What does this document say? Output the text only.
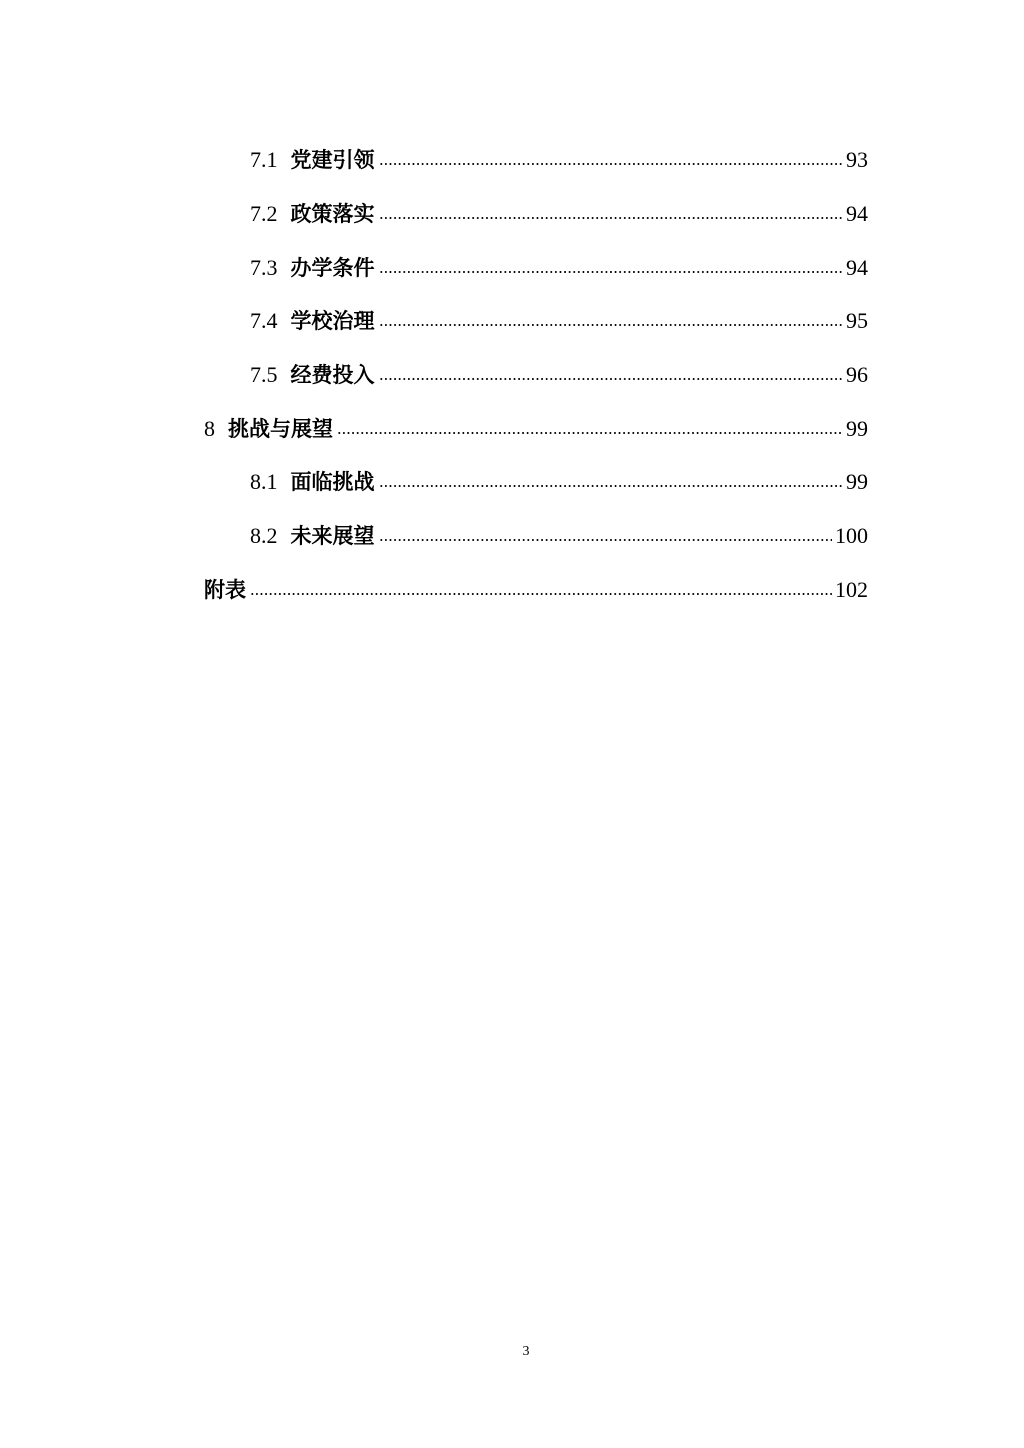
7.1 党建引领	93
7.2 政策落实	94
7.3 办学条件	94
7.4 学校治理	95
7.5 经费投入	96
8 挑战与展望	99
8.1 面临挑战	99
8.2 未来展望	100
附表	102
3
